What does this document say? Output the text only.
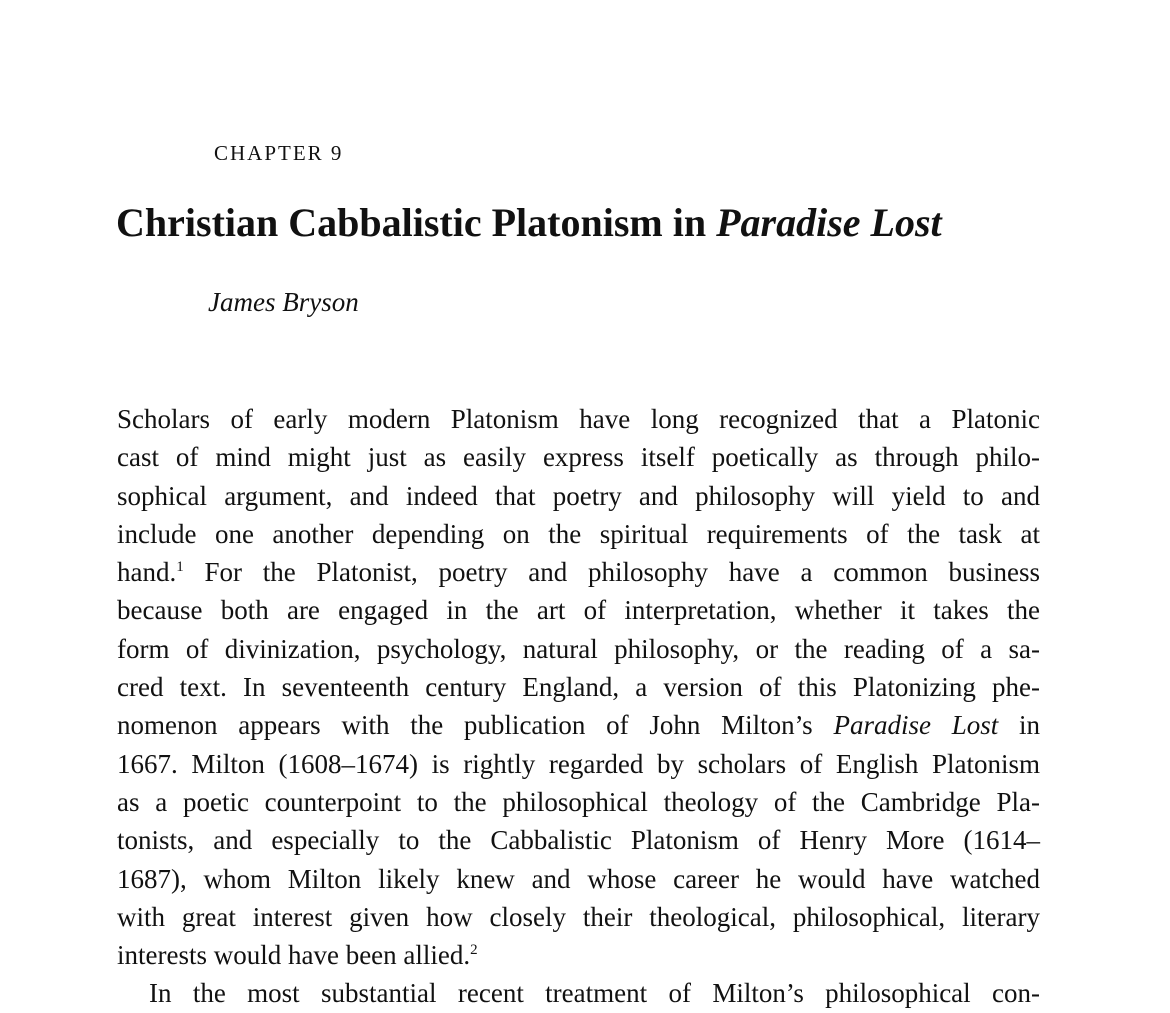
CHAPTER 9
Christian Cabbalistic Platonism in Paradise Lost
James Bryson
Scholars of early modern Platonism have long recognized that a Platonic
cast of mind might just as easily express itself poetically as through philo-
sophical argument, and indeed that poetry and philosophy will yield to and
include one another depending on the spiritual requirements of the task at
hand.$^1$ For the Platonist, poetry and philosophy have a common business
because both are engaged in the art of interpretation, whether it takes the
form of divinization, psychology, natural philosophy, or the reading of a sa-
cred text. In seventeenth century England, a version of this Platonizing phe-
nomenon appears with the publication of John Milton’s Paradise Lost in
1667. Milton (1608–1674) is rightly regarded by scholars of English Platonism
as a poetic counterpoint to the philosophical theology of the Cambridge Pla-
tonists, and especially to the Cabbalistic Platonism of Henry More (1614–
1687), whom Milton likely knew and whose career he would have watched
with great interest given how closely their theological, philosophical, literary
interests would have been allied.$^2$
In the most substantial recent treatment of Milton’s philosophical con-
